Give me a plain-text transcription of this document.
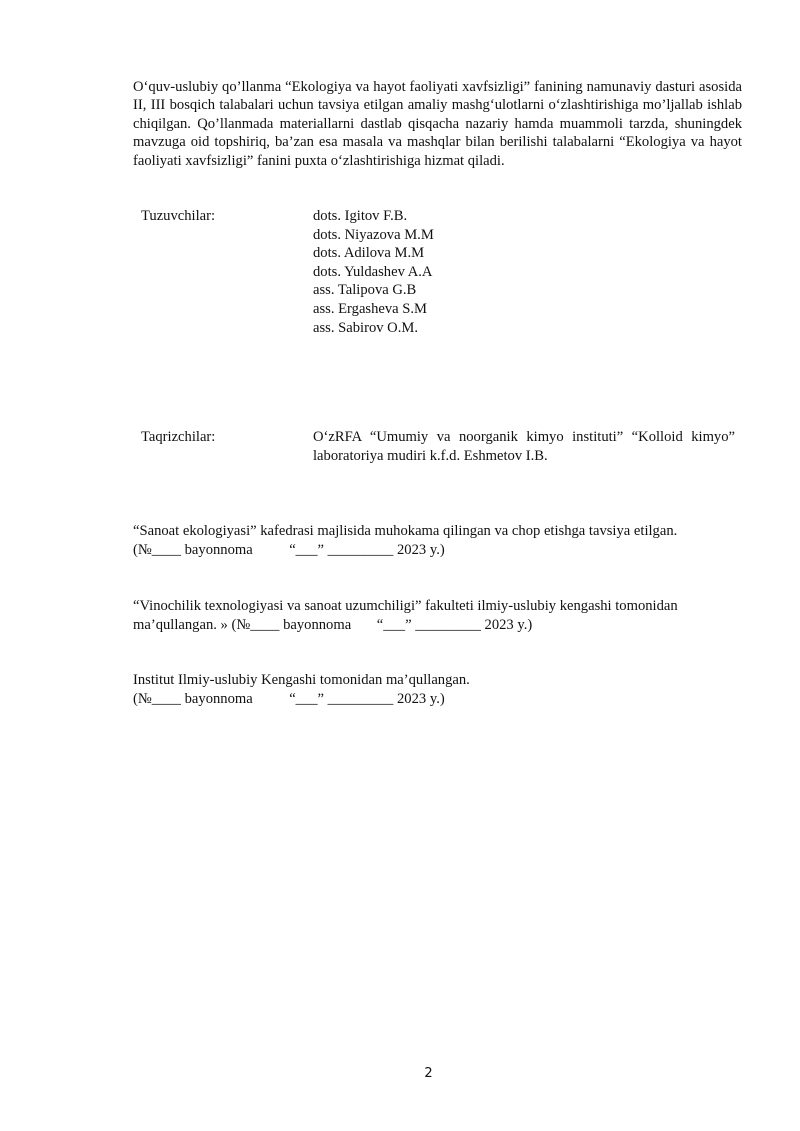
O‘quv-uslubiy qo’llanma “Ekologiya va hayot faoliyati xavfsizligi” fanining namunaviy dasturi asosida II, III bosqich talabalari uchun tavsiya etilgan amaliy mashg‘ulotlarni o‘zlashtirishiga mo’ljallab ishlab chiqilgan. Qo’llanmada materiallarni dastlab qisqacha nazariy hamda muammoli tarzda, shuningdek mavzuga oid topshiriq, ba’zan esa masala va mashqlar bilan berilishi talabalarni “Ekologiya va hayot faoliyati xavfsizligi” fanini puxta o‘zlashtirishiga hizmat qiladi.

Tuzuvchilar:	dots. Igitov F.B.
dots. Niyazova M.M
dots. Adilova M.M
dots. Yuldashev A.A
ass. Talipova G.B
ass. Ergasheva S.M
ass. Sabirov O.M.

Taqrizchilar:	O‘zRFA “Umumiy va noorganik kimyo instituti” “Kolloid kimyo” laboratoriya mudiri k.f.d. Eshmetov I.B.

“Sanoat ekologiyasi” kafedrasi majlisida muhokama qilingan va chop etishga tavsiya etilgan.
(№____ bayonnoma          “___” _________ 2023 y.)

“Vinochilik texnologiyasi va sanoat uzumchiligi” fakulteti ilmiy-uslubiy kengashi tomonidan
ma’qullangan. » (№____ bayonnoma       “___” _________ 2023 y.)

Institut Ilmiy-uslubiy Kengashi tomonidan ma’qullangan.
(№____ bayonnoma          “___” _________ 2023 y.)

2
